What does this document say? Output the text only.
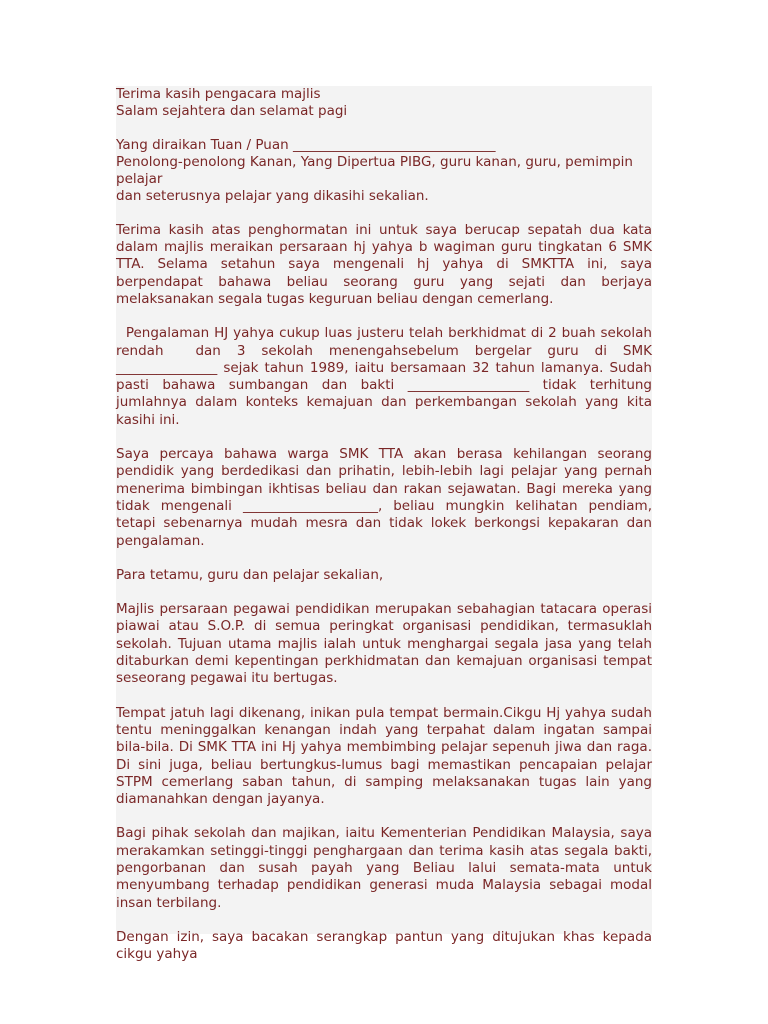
Terima kasih pengacara majlis
Salam sejahtera dan selamat pagi

Yang diraikan Tuan / Puan ______________________________
Penolong-penolong Kanan, Yang Dipertua PIBG, guru kanan, guru, pemimpin pelajar
dan seterusnya pelajar yang dikasihi sekalian.

Terima kasih atas penghormatan ini untuk saya berucap sepatah dua kata dalam majlis meraikan persaraan hj yahya b wagiman guru tingkatan 6 SMK TTA. Selama setahun saya mengenali hj yahya di SMKTTA ini, saya berpendapat bahawa beliau seorang guru yang sejati dan berjaya melaksanakan segala tugas keguruan beliau dengan cemerlang.

Pengalaman HJ yahya cukup luas justeru telah berkhidmat di 2 buah sekolah rendah  dan 3 sekolah menengahsebelum bergelar guru di SMK _______________ sejak tahun 1989, iaitu bersamaan 32 tahun lamanya. Sudah pasti bahawa sumbangan dan bakti __________________ tidak terhitung jumlahnya dalam konteks kemajuan dan perkembangan sekolah yang kita kasihi ini.

Saya percaya bahawa warga SMK TTA akan berasa kehilangan seorang pendidik yang berdedikasi dan prihatin, lebih-lebih lagi pelajar yang pernah menerima bimbingan ikhtisas beliau dan rakan sejawatan. Bagi mereka yang tidak mengenali ____________________, beliau mungkin kelihatan pendiam, tetapi sebenarnya mudah mesra dan tidak lokek berkongsi kepakaran dan pengalaman.

Para tetamu, guru dan pelajar sekalian,

Majlis persaraan pegawai pendidikan merupakan sebahagian tatacara operasi piawai atau S.O.P. di semua peringkat organisasi pendidikan, termasuklah sekolah. Tujuan utama majlis ialah untuk menghargai segala jasa yang telah ditaburkan demi kepentingan perkhidmatan dan kemajuan organisasi tempat seseorang pegawai itu bertugas.

Tempat jatuh lagi dikenang, inikan pula tempat bermain.Cikgu Hj yahya sudah tentu meninggalkan kenangan indah yang terpahat dalam ingatan sampai bila-bila. Di SMK TTA ini Hj yahya membimbing pelajar sepenuh jiwa dan raga. Di sini juga, beliau bertungkus-lumus bagi memastikan pencapaian pelajar STPM cemerlang saban tahun, di samping melaksanakan tugas lain yang diamanahkan dengan jayanya.

Bagi pihak sekolah dan majikan, iaitu Kementerian Pendidikan Malaysia, saya merakamkan setinggi-tinggi penghargaan dan terima kasih atas segala bakti, pengorbanan dan susah payah yang Beliau lalui semata-mata untuk menyumbang terhadap pendidikan generasi muda Malaysia sebagai modal insan terbilang.

Dengan izin, saya bacakan serangkap pantun yang ditujukan khas kepada cikgu yahya
